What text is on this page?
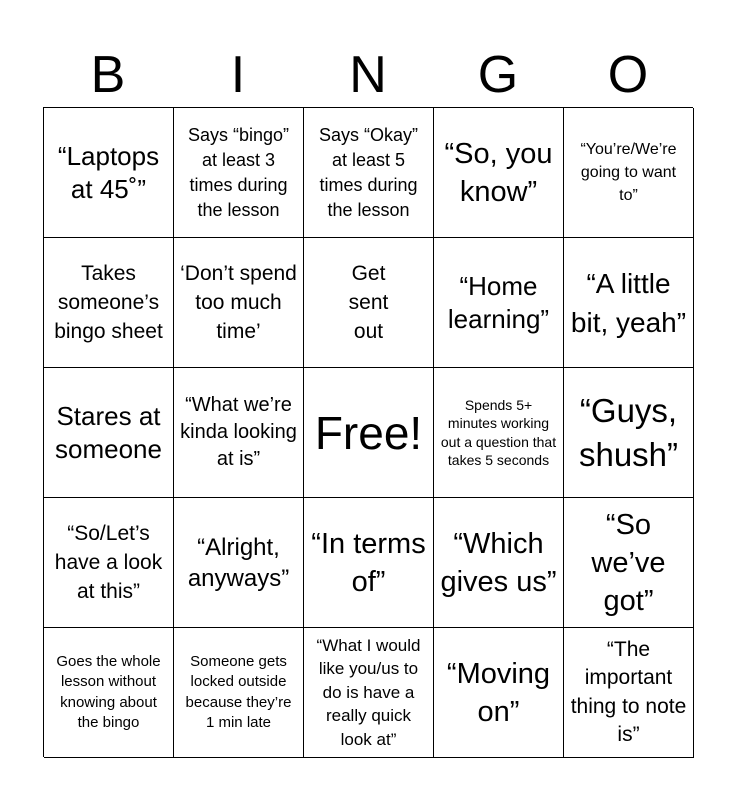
B	I	N	G	O
“Laptops at 45˚”
Says “bingo” at least 3 times during the lesson
Says “Okay” at least 5 times during the lesson
“So, you know”
“You’re/We’re going to want to”
Takes someone’s bingo sheet
‘Don’t spend too much time’
Get sent out
“Home learning”
“A little bit, yeah”
Stares at someone
“What we’re kinda looking at is”
Free!
Spends 5+ minutes working out a question that takes 5 seconds
“Guys, shush”
“So/Let’s have a look at this”
“Alright, anyways”
“In terms of”
“Which gives us”
“So we’ve got”
Goes the whole lesson without knowing about the bingo
Someone gets locked outside because they’re 1 min late
“What I would like you/us to do is have a really quick look at”
“Moving on”
“The important thing to note is”
